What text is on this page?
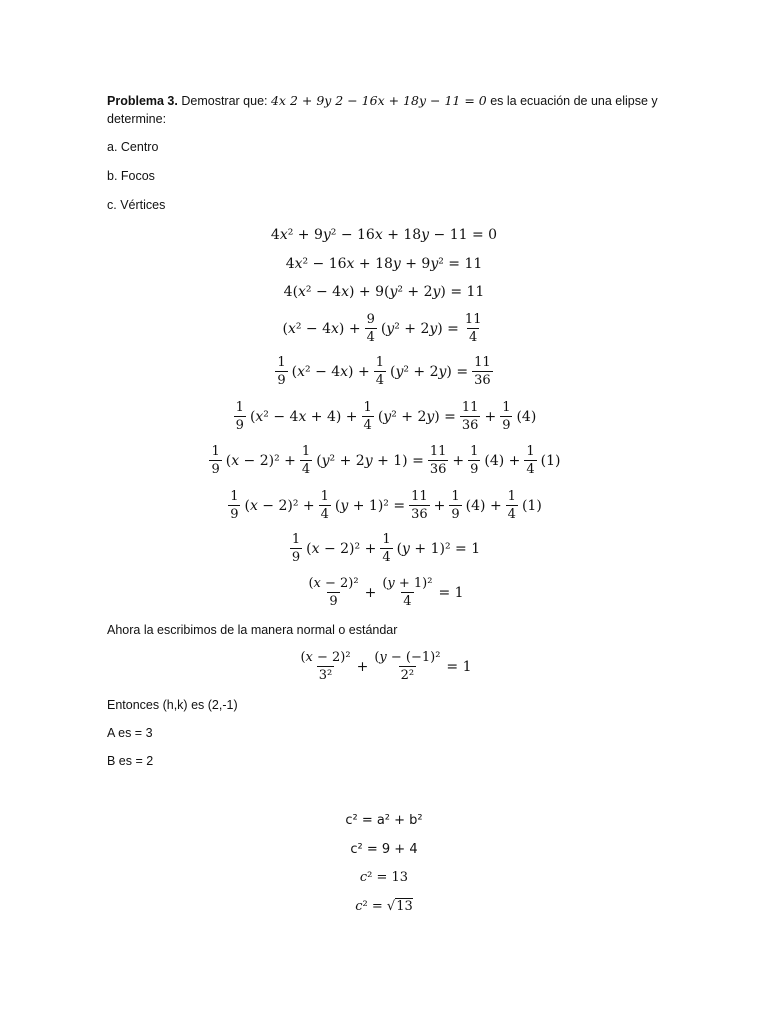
Problema 3. Demostrar que: 4𝑥 2 + 9𝑦 2 − 16𝑥 + 18𝑦 − 11 = 0 es la ecuación de una elipse y
determine:
a. Centro
b. Focos
c. Vértices
4𝑥² + 9𝑦² − 16𝑥 + 18𝑦 − 11 = 0
4𝑥² − 16𝑥 + 18𝑦 + 9𝑦² = 11
4(𝑥² − 4𝑥) + 9(𝑦² + 2𝑦) = 11
(𝑥² − 4𝑥) + $\frac{9}{4}$ (𝑦² + 2𝑦) = $\frac{11}{4}$
$\frac{1}{9}$ (𝑥² − 4𝑥) + $\frac{1}{4}$ (𝑦² + 2𝑦) = $\frac{11}{36}$
$\frac{1}{9}$ (𝑥² − 4𝑥 + $4) + \frac{1}{4}$ (𝑦² + 2𝑦) = $\frac{11}{36} + \frac{1}{9} (4)$
$\frac{1}{9}$ (𝑥 − $2)^2 + \frac{1}{4}$ (𝑦² + 2𝑦 + $1) = \frac{11}{36} + \frac{1}{9} (4) + \frac{1}{4} (1)$
$\frac{1}{9}$ (𝑥 − $2)^2 + \frac{1}{4}$ (𝑦 + $1)^2 = \frac{11}{36} + \frac{1}{9} (4) + \frac{1}{4} (1)$
$\frac{1}{9}$ (𝑥 − $2)^2 + \frac{1}{4}$ (𝑦 + 1)² = 1
$\frac{\text{(𝑥 − 2)²}}{9} + \frac{\text{(𝑦 + 1)²}}{4} = 1$
Ahora la escribimos de la manera normal o estándar
$\frac{\text{(𝑥 − 2)²}}{\text{3²}} + \frac{\text{(𝑦 − (−1)²}}{\text{2²}} = 1$
Entonces (h,k) es (2,-1)
A es = 3
B es = 2
c² = a² + b²
c² = 9 + 4
𝑐² = 13
𝑐² = √13
